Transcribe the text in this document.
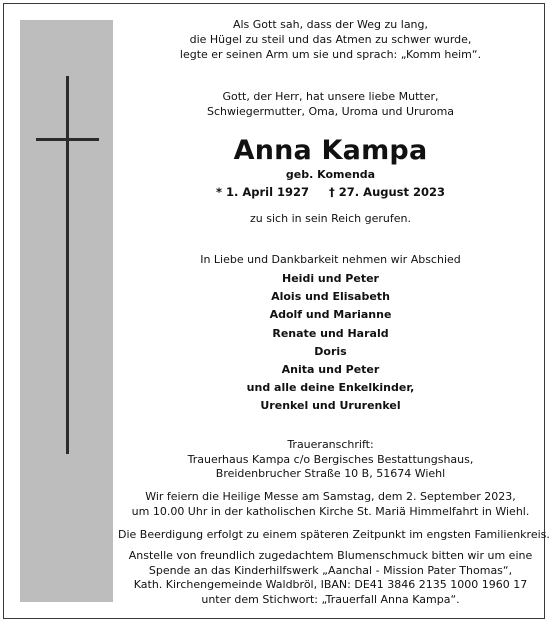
Als Gott sah, dass der Weg zu lang,
die Hügel zu steil und das Atmen zu schwer wurde,
legte er seinen Arm um sie und sprach: „Komm heim“.
Gott, der Herr, hat unsere liebe Mutter,
Schwiegermutter, Oma, Uroma und Ururoma
Anna Kampa
geb. Komenda
* 1. April 1927 † 27. August 2023
zu sich in sein Reich gerufen.
In Liebe und Dankbarkeit nehmen wir Abschied
Heidi und Peter
Alois und Elisabeth
Adolf und Marianne
Renate und Harald
Doris
Anita und Peter
und alle deine Enkelkinder,
Urenkel und Ururenkel
Traueranschrift:
Trauerhaus Kampa c/o Bergisches Bestattungshaus,
Breidenbrucher Straße 10 B, 51674 Wiehl
Wir feiern die Heilige Messe am Samstag, dem 2. September 2023,
um 10.00 Uhr in der katholischen Kirche St. Mariä Himmelfahrt in Wiehl.
Die Beerdigung erfolgt zu einem späteren Zeitpunkt im engsten Familienkreis.
Anstelle von freundlich zugedachtem Blumenschmuck bitten wir um eine
Spende an das Kinderhilfswerk „Aanchal - Mission Pater Thomas“,
Kath. Kirchengemeinde Waldbröl, IBAN: DE41 3846 2135 1000 1960 17
unter dem Stichwort: „Trauerfall Anna Kampa“.
